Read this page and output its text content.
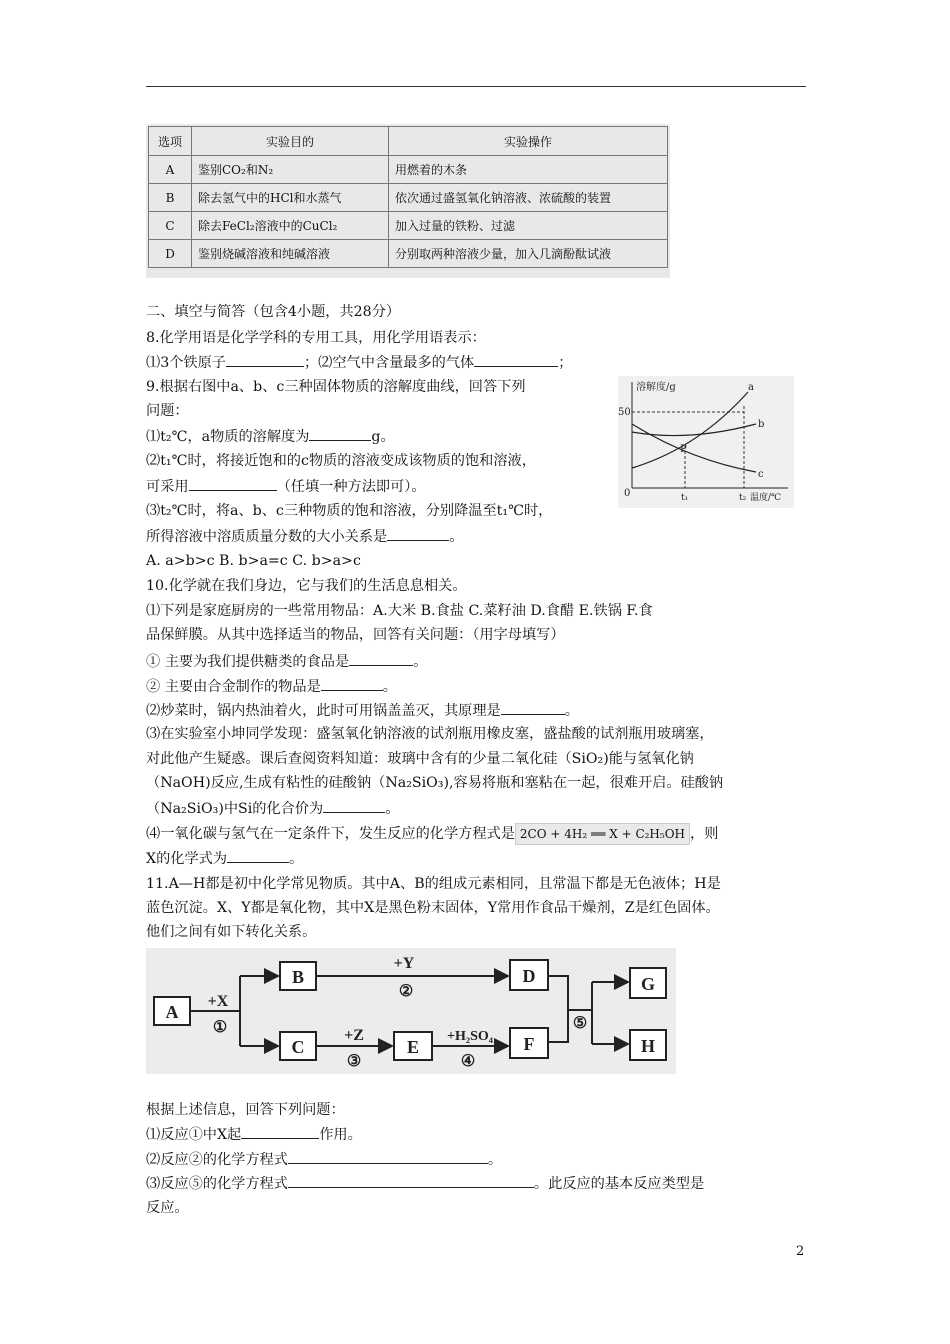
选项	实验目的	实验操作
A	鉴别CO₂和N₂	用燃着的木条
B	除去氢气中的HCl和水蒸气	依次通过盛氢氧化钠溶液、浓硫酸的装置
C	除去FeCl₂溶液中的CuCl₂	加入过量的铁粉、过滤
D	鉴别烧碱溶液和纯碱溶液	分别取两种溶液少量，加入几滴酚酞试液
二、填空与简答（包含4小题，共28分）
8.化学用语是化学学科的专用工具，用化学用语表示：
⑴3个铁原子	；⑵空气中含量最多的气体	；
9.根据右图中a、b、c三种固体物质的溶解度曲线，回答下列
问题：
⑴t₂℃，a物质的溶解度为	g。
⑵t₁℃时，将接近饱和的c物质的溶液变成该物质的饱和溶液，
可采用	（任填一种方法即可）。
⑶t₂℃时，将a、b、c三种物质的饱和溶液，分别降温至t₁℃时，
所得溶液中溶质质量分数的大小关系是	。
A. a>b>c B. b>a=c C. b>a>c
溶解度/g
50
0
a
b
c
P
t₁	t₂ 温度/℃
10.化学就在我们身边，它与我们的生活息息相关。
⑴下列是家庭厨房的一些常用物品：A.大米 B.食盐 C.菜籽油 D.食醋 E.铁锅 F.食
品保鲜膜。从其中选择适当的物品，回答有关问题：（用字母填写）
① 主要为我们提供糖类的食品是	。
② 主要由合金制作的物品是	。
⑵炒菜时，锅内热油着火，此时可用锅盖盖灭，其原理是	。
⑶在实验室小坤同学发现：盛氢氧化钠溶液的试剂瓶用橡皮塞，盛盐酸的试剂瓶用玻璃塞，
对此他产生疑惑。课后查阅资料知道：玻璃中含有的少量二氧化硅（SiO₂)能与氢氧化钠
（NaOH)反应,生成有粘性的硅酸钠（Na₂SiO₃),容易将瓶和塞粘在一起，很难开启。硅酸钠
（Na₂SiO₃)中Si的化合价为	。
⑷一氧化碳与氢气在一定条件下，发生反应的化学方程式是 2CO + 4H₂ ══ X + C₂H₅OH ，则
X的化学式为	。
11.A—H都是初中化学常见物质。其中A、B的组成元素相同，且常温下都是无色液体；H是
蓝色沉淀。X、Y都是氧化物，其中X是黑色粉末固体，Y常用作食品干燥剂，Z是红色固体。
他们之间有如下转化关系。
A
B
C
D
E	F
G
H
+X
①
+Y
②
+Z
③
+H₂SO₄
④
⑤
根据上述信息，回答下列问题：
⑴反应①中X起	作用。
⑵反应②的化学方程式	。
⑶反应⑤的化学方程式	。此反应的基本反应类型是
反应。
2
